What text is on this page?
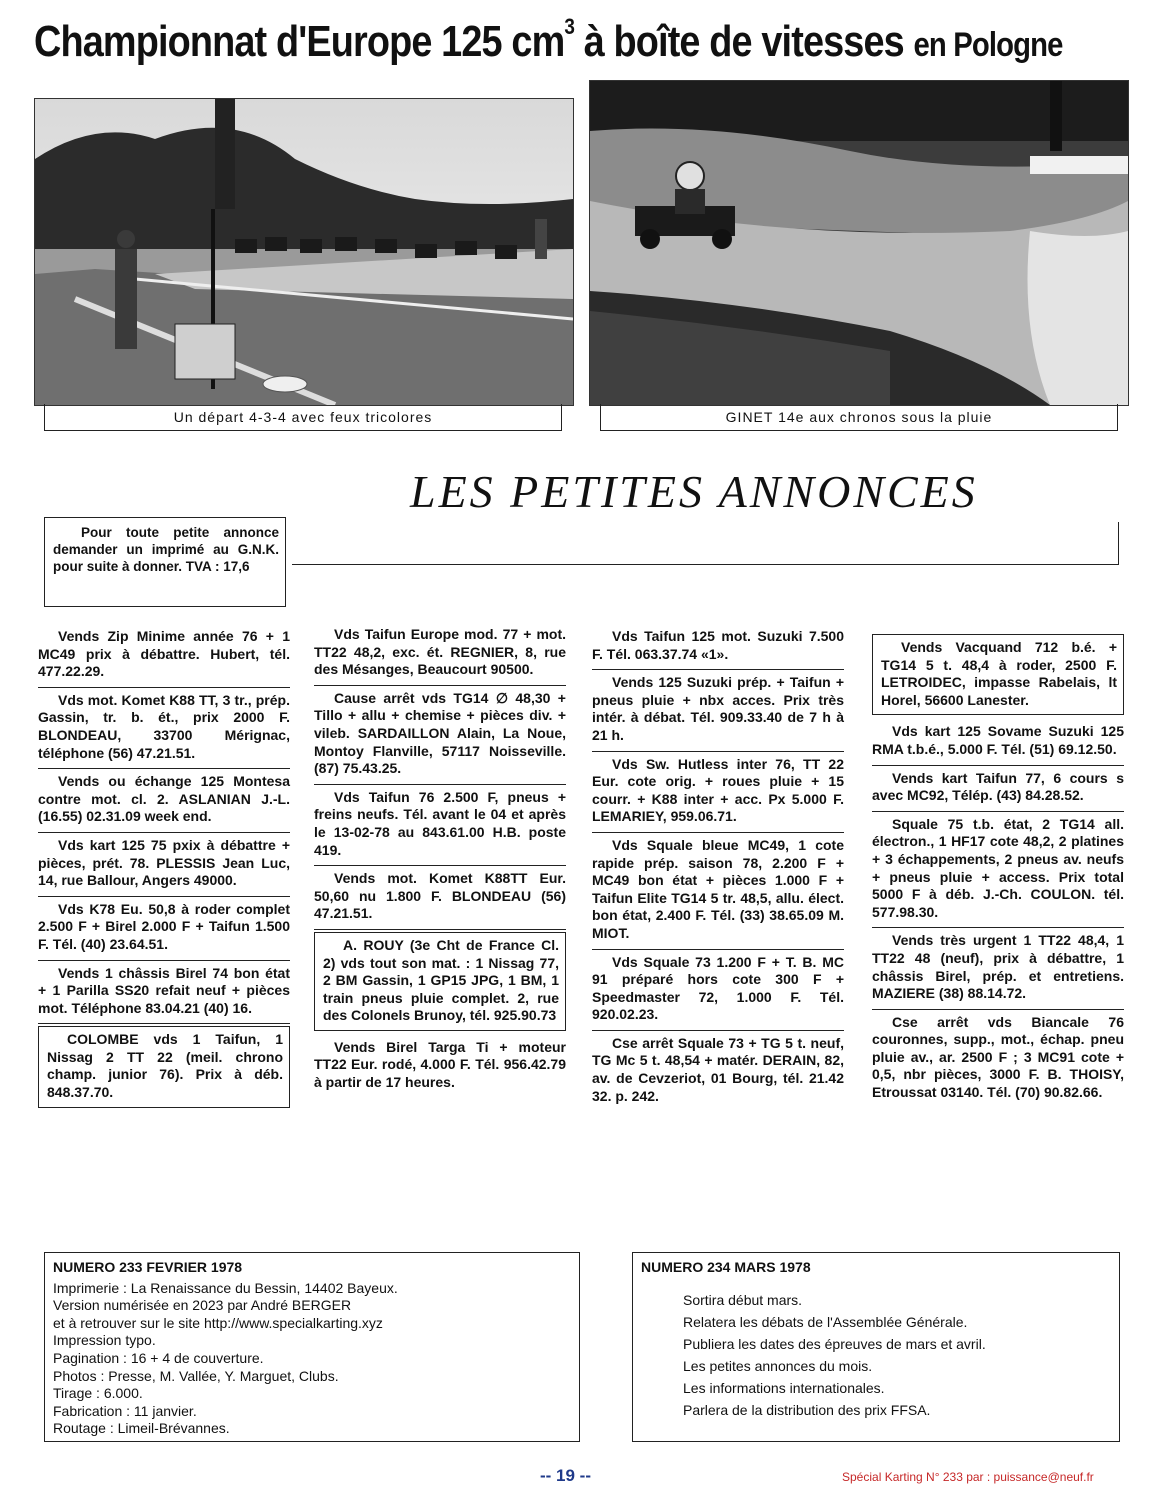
Championnat d'Europe 125 $cm^3$ à boîte de vitesses en Pologne
Un départ 4-3-4 avec feux tricolores	GINET 14e aux chronos sous la pluie
LES PETITES ANNONCES
Pour toute petite annonce demander un imprimé au G.N.K. pour suite à donner. TVA : 17,6
Vends Zip Minime année 76 + 1 MC49 prix à débattre. Hubert, tél. 477.22.29.
Vds mot. Komet K88 TT, 3 tr., prép. Gassin, tr. b. ét., prix 2000 F. BLONDEAU, 33700 Mérignac, téléphone (56) 47.21.51.
Vends ou échange 125 Montesa contre mot. cl. 2. ASLANIAN J.-L. (16.55) 02.31.09 week end.
Vds kart 125 75 pxix à débattre + pièces, prét. 78. PLESSIS Jean Luc, 14, rue Ballour, Angers 49000.
Vds K78 Eu. 50,8 à roder complet 2.500 F + Birel 2.000 F + Taifun 1.500 F. Tél. (40) 23.64.51.
Vends 1 châssis Birel 74 bon état + 1 Parilla SS20 refait neuf + pièces mot. Téléphone 83.04.21 (40) 16.
COLOMBE vds 1 Taifun, 1 Nissag 2 TT 22 (meil. chrono champ. junior 76). Prix à déb. 848.37.70.
Vds Taifun Europe mod. 77 + mot. TT22 48,2, exc. ét. REGNIER, 8, rue des Mésanges, Beaucourt 90500.
Cause arrêt vds TG14 ∅ 48,30 + Tillo + allu + chemise + pièces div. + vileb. SARDAILLON Alain, La Noue, Montoy Flanville, 57117 Noisseville. (87) 75.43.25.
Vds Taifun 76 2.500 F, pneus + freins neufs. Tél. avant le 04 et après le 13-02-78 au 843.61.00 H.B. poste 419.
Vends mot. Komet K88TT Eur. 50,60 nu 1.800 F. BLONDEAU (56) 47.21.51.
A. ROUY (3e Cht de France Cl. 2) vds tout son mat. : 1 Nissag 77, 2 BM Gassin, 1 GP15 JPG, 1 BM, 1 train pneus pluie complet. 2, rue des Colonels Brunoy, tél. 925.90.73
Vends Birel Targa Ti + moteur TT22 Eur. rodé, 4.000 F. Tél. 956.42.79 à partir de 17 heures.
Vds Taifun 125 mot. Suzuki 7.500 F. Tél. 063.37.74 «1».
Vends 125 Suzuki prép. + Taifun + pneus pluie + nbx acces. Prix très intér. à débat. Tél. 909.33.40 de 7 h à 21 h.
Vds Sw. Hutless inter 76, TT 22 Eur. cote orig. + roues pluie + 15 courr. + K88 inter + acc. Px 5.000 F. LEMARIEY, 959.06.71.
Vds Squale bleue MC49, 1 cote rapide prép. saison 78, 2.200 F + MC49 bon état + pièces 1.000 F + Taifun Elite TG14 5 tr. 48,5, allu. élect. bon état, 2.400 F. Tél. (33) 38.65.09 M. MIOT.
Vds Squale 73 1.200 F + T. B. MC 91 préparé hors cote 300 F + Speedmaster 72, 1.000 F. Tél. 920.02.23.
Cse arrêt Squale 73 + TG 5 t. neuf, TG Mc 5 t. 48,54 + matér. DERAIN, 82, av. de Cevzeriot, 01 Bourg, tél. 21.42 32. p. 242.
Vends Vacquand 712 b.é. + TG14 5 t. 48,4 à roder, 2500 F. LETROIDEC, impasse Rabelais, lt Horel, 56600 Lanester.
Vds kart 125 Sovame Suzuki 125 RMA t.b.é., 5.000 F. Tél. (51) 69.12.50.
Vends kart Taifun 77, 6 cours s avec MC92, Télép. (43) 84.28.52.
Squale 75 t.b. état, 2 TG14 all. électron., 1 HF17 cote 48,2, 2 platines + 3 échappements, 2 pneus av. neufs + pneus pluie + access. Prix total 5000 F à déb. J.-Ch. COULON. tél. 577.98.30.
Vends très urgent 1 TT22 48,4, 1 TT22 48 (neuf), prix à débattre, 1 châssis Birel, prép. et entretiens. MAZIERE (38) 88.14.72.
Cse arrêt vds Biancale 76 couronnes, supp., mot., échap. pneu pluie av., ar. 2500 F ; 3 MC91 cote + 0,5, nbr pièces, 3000 F. B. THOISY, Etroussat 03140. Tél. (70) 90.82.66.
NUMERO 233 FEVRIER 1978
Imprimerie : La Renaissance du Bessin, 14402 Bayeux.
Version numérisée en 2023 par André BERGER
et à retrouver sur le site http://www.specialkarting.xyz
Impression typo.
Pagination : 16 + 4 de couverture.
Photos : Presse, M. Vallée, Y. Marguet, Clubs.
Tirage : 6.000.
Fabrication : 11 janvier.
Routage : Limeil-Brévannes.
NUMERO 234 MARS 1978
Sortira début mars.
Relatera les débats de l'Assemblée Générale.
Publiera les dates des épreuves de mars et avril.
Les petites annonces du mois.
Les informations internationales.
Parlera de la distribution des prix FFSA.
-- 19 --	Spécial Karting N° 233 par : puissance@neuf.fr
